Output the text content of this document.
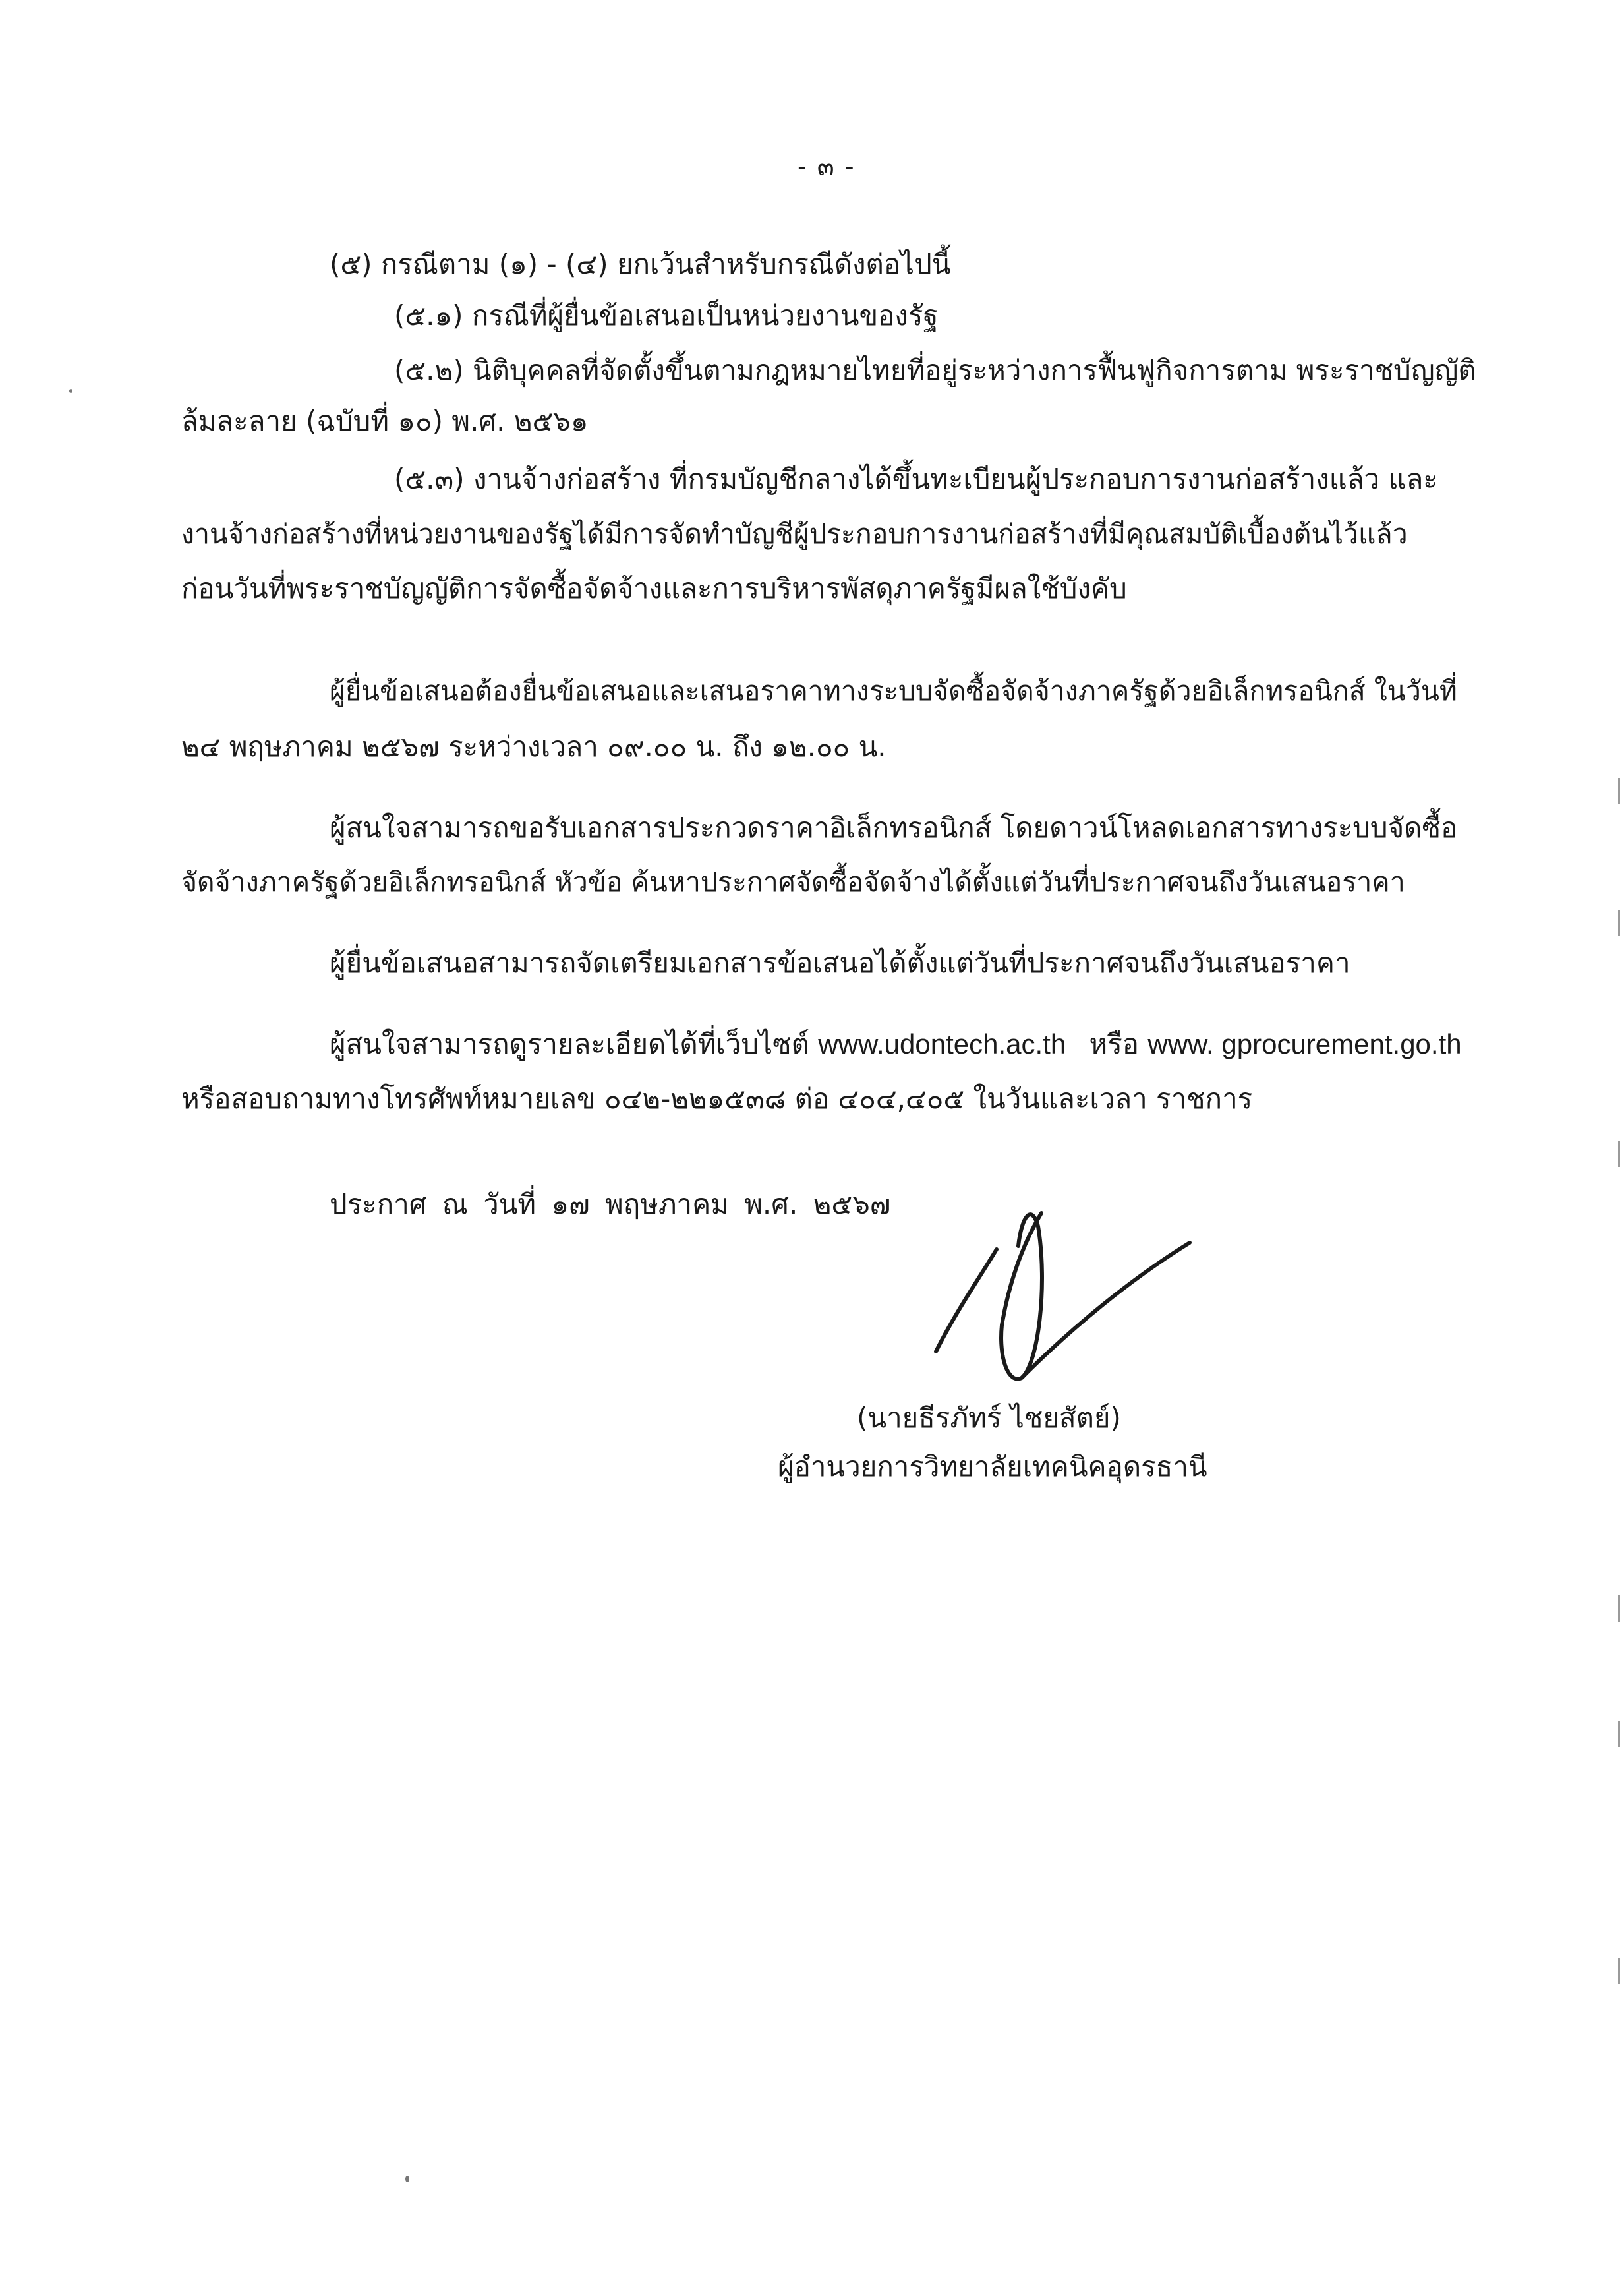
- ๓ -
(๕) กรณีตาม (๑) - (๔) ยกเว้นสำหรับกรณีดังต่อไปนี้
(๕.๑) กรณีที่ผู้ยื่นข้อเสนอเป็นหน่วยงานของรัฐ
(๕.๒) นิติบุคคลที่จัดตั้งขึ้นตามกฎหมายไทยที่อยู่ระหว่างการฟื้นฟูกิจการตาม พระราชบัญญัติ
ล้มละลาย (ฉบับที่ ๑๐) พ.ศ. ๒๕๖๑
(๕.๓) งานจ้างก่อสร้าง ที่กรมบัญชีกลางได้ขึ้นทะเบียนผู้ประกอบการงานก่อสร้างแล้ว และ
งานจ้างก่อสร้างที่หน่วยงานของรัฐได้มีการจัดทำบัญชีผู้ประกอบการงานก่อสร้างที่มีคุณสมบัติเบื้องต้นไว้แล้ว
ก่อนวันที่พระราชบัญญัติการจัดซื้อจัดจ้างและการบริหารพัสดุภาครัฐมีผลใช้บังคับ
ผู้ยื่นข้อเสนอต้องยื่นข้อเสนอและเสนอราคาทางระบบจัดซื้อจัดจ้างภาครัฐด้วยอิเล็กทรอนิกส์ ในวันที่
๒๔ พฤษภาคม ๒๕๖๗ ระหว่างเวลา ๐๙.๐๐ น. ถึง ๑๒.๐๐ น.
ผู้สนใจสามารถขอรับเอกสารประกวดราคาอิเล็กทรอนิกส์ โดยดาวน์โหลดเอกสารทางระบบจัดซื้อ
จัดจ้างภาครัฐด้วยอิเล็กทรอนิกส์ หัวข้อ ค้นหาประกาศจัดซื้อจัดจ้างได้ตั้งแต่วันที่ประกาศจนถึงวันเสนอราคา
ผู้ยื่นข้อเสนอสามารถจัดเตรียมเอกสารข้อเสนอได้ตั้งแต่วันที่ประกาศจนถึงวันเสนอราคา
ผู้สนใจสามารถดูรายละเอียดได้ที่เว็บไซต์ www.udontech.ac.th หรือ www. gprocurement.go.th
หรือสอบถามทางโทรศัพท์หมายเลข ๐๔๒-๒๒๑๕๓๘ ต่อ ๔๐๔,๔๐๕ ในวันและเวลา ราชการ
ประกาศ ณ วันที่ ๑๗ พฤษภาคม พ.ศ. ๒๕๖๗
(นายธีรภัทร์ ไชยสัตย์)
ผู้อำนวยการวิทยาลัยเทคนิคอุดรธานี
